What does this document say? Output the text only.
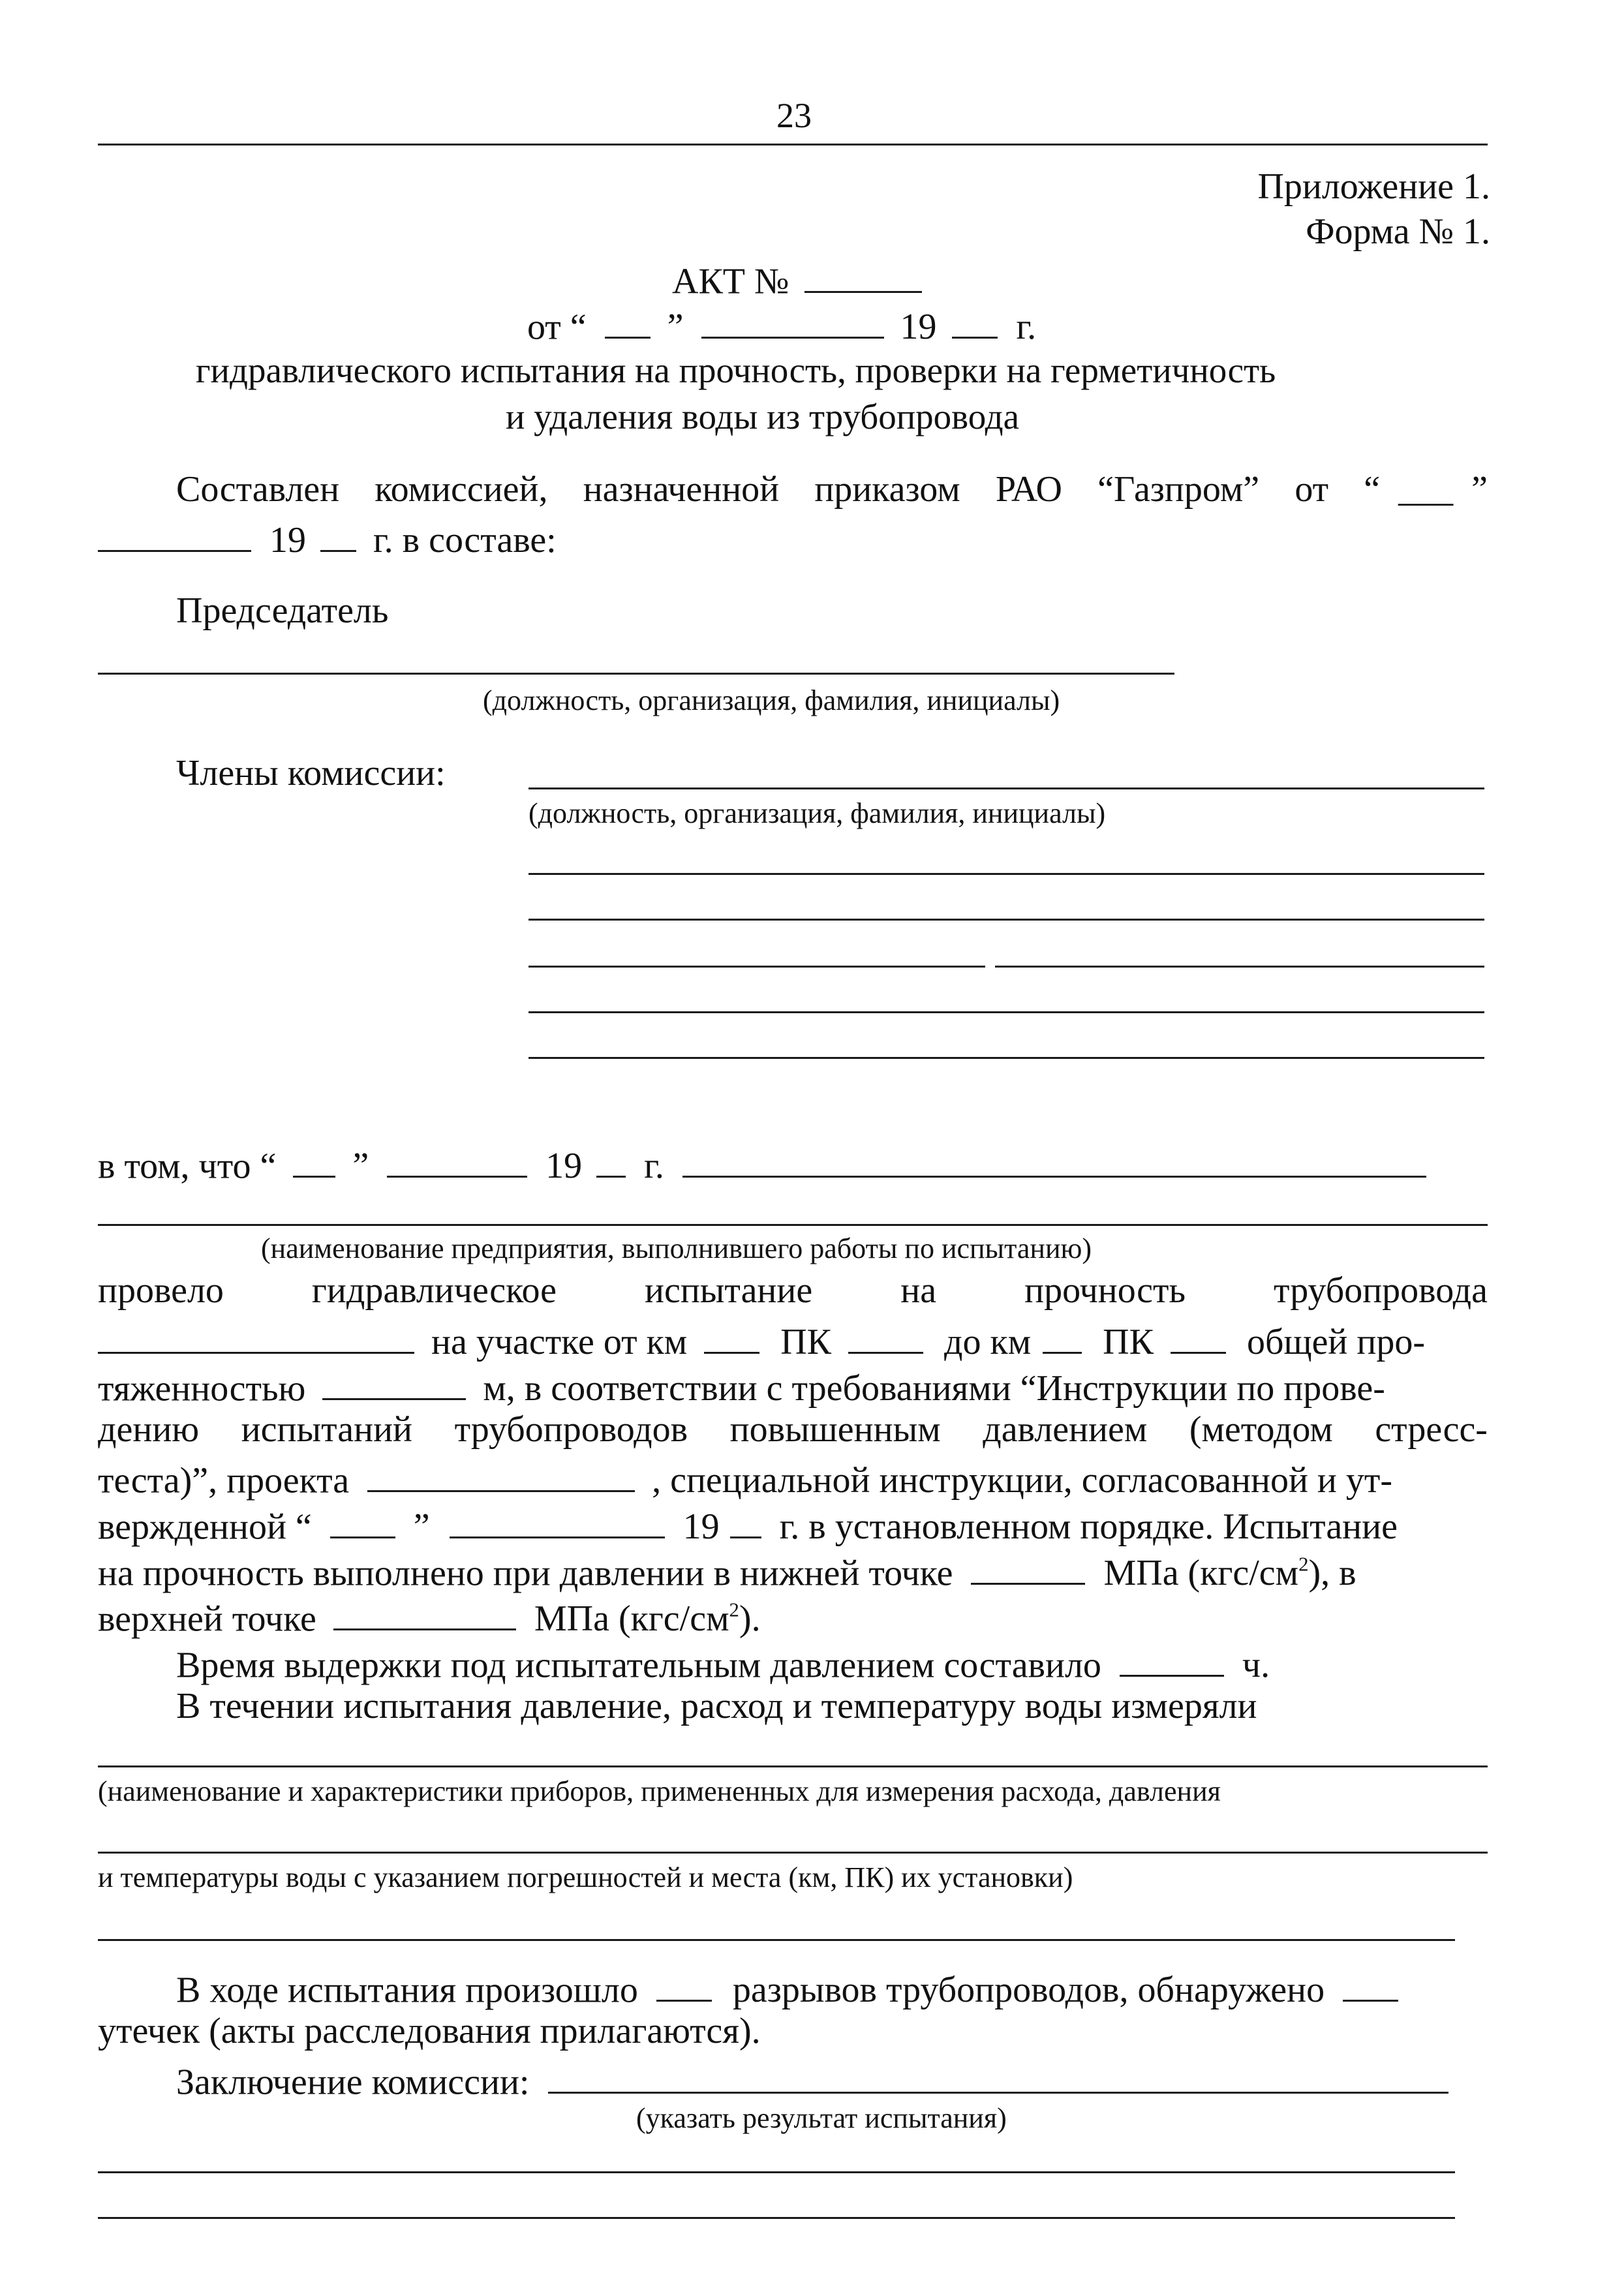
23
Приложение 1.
Форма № 1.
АКТ №
от “ ”	19 г.
гидравлического испытания на прочность, проверки на герметичность
и удаления воды из трубопровода
Составлен комиссией, назначенной приказом РАО “Газпром” от “ ___ ”
19 г. в составе:
Председатель
(должность, организация, фамилия, инициалы)
Члены комиссии:
(должность, организация, фамилия, инициалы)
в том, что “ ”	19 г.
(наименование предприятия, выполнившего работы по испытанию)
провело гидравлическое испытание на прочность трубопровода
на участке от км	ПК	до км ПК	общей про-
тяженностью	м, в соответствии с требованиями “Инструкции по прове-
дению испытаний трубопроводов повышенным давлением (методом стресс-
теста)”, проекта	, специальной инструкции, согласованной и ут-
вержденной “	”	19 г. в установленном порядке. Испытание
на прочность выполнено при давлении в нижней точке	МПа $(кгс/см^2)$, в
верхней точке	МПа $(кгс/см^2)$.
Время выдержки под испытательным давлением составило	ч.
В течении испытания давление, расход и температуру воды измеряли
(наименование и характеристики приборов, примененных для измерения расхода, давления
и температуры воды с указанием погрешностей и места (км, ПК) их установки)
В ходе испытания произошло	разрывов трубопроводов, обнаружено
утечек (акты расследования прилагаются).
Заключение комиссии:
(указать результат испытания)
